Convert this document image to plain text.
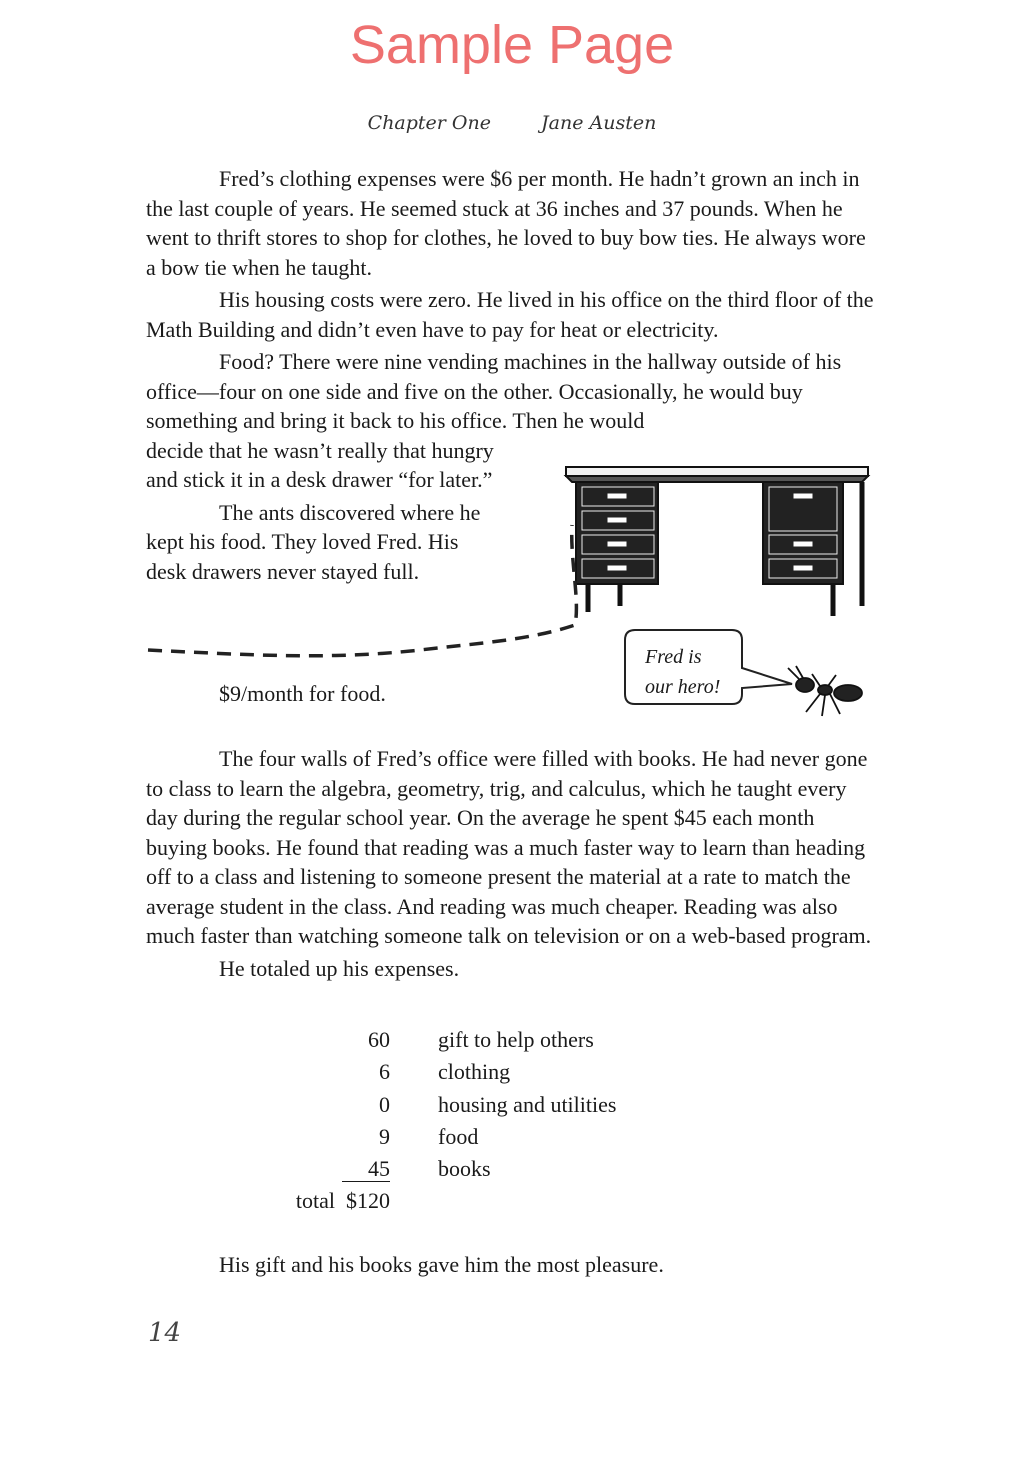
Sample Page
Chapter One	Jane Austen

Fred’s clothing expenses were $6 per month. He hadn’t grown an inch in the last couple of years. He seemed stuck at 36 inches and 37 pounds. When he went to thrift stores to shop for clothes, he loved to buy bow ties. He always wore a bow tie when he taught.

His housing costs were zero. He lived in his office on the third floor of the Math Building and didn’t even have to pay for heat or electricity.

Food? There were nine vending machines in the hallway outside of his office—four on one side and five on the other. Occasionally, he would buy something and bring it back to his office. Then he would

decide that he wasn’t really that hungry
and stick it in a desk drawer “for later.”
The ants discovered where he
kept his food. They loved Fred. His
desk drawers never stayed full.
$9/month for food.

The four walls of Fred’s office were filled with books. He had never gone to class to learn the algebra, geometry, trig, and calculus, which he taught every day during the regular school year. On the average he spent $45 each month buying books. He found that reading was a much faster way to learn than heading off to a class and listening to someone present the material at a rate to match the average student in the class. And reading was much cheaper. Reading was also much faster than watching someone talk on television or on a web-based program.

He totaled up his expenses.

60 gift to help others
6 clothing
0 housing and utilities
9 food
45 books
total $120
His gift and his books gave him the most pleasure.
14
Fred is
our hero!
